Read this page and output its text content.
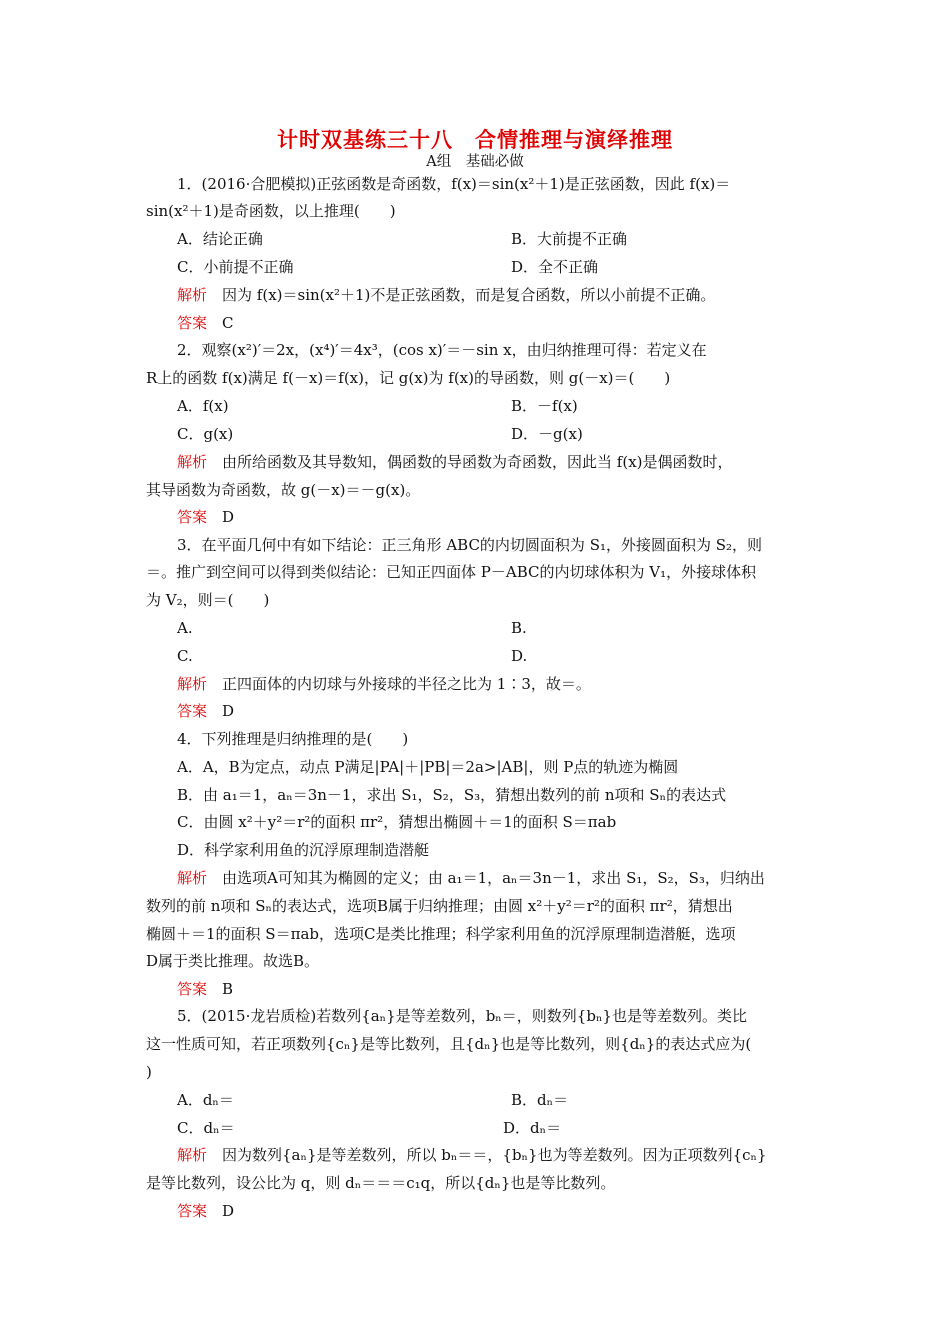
计时双基练三十八　合情推理与演绎推理
A组　基础必做
1．(2016·合肥模拟)正弦函数是奇函数，f(x)＝sin(x²＋1)是正弦函数，因此 f(x)＝
sin(x²＋1)是奇函数，以上推理(　　)
A．结论正确	B．大前提不正确
C．小前提不正确	D．全不正确
解析　因为 f(x)＝sin(x²＋1)不是正弦函数，而是复合函数，所以小前提不正确。
答案　C
2．观察(x²)′＝2x，(x⁴)′＝4x³，(cos x)′＝－sin x，由归纳推理可得：若定义在
R上的函数 f(x)满足 f(－x)＝f(x)，记 g(x)为 f(x)的导函数，则 g(－x)＝(　　)
A．f(x)	B．－f(x)
C．g(x)	D．－g(x)
解析　由所给函数及其导数知，偶函数的导函数为奇函数，因此当 f(x)是偶函数时，
其导函数为奇函数，故 g(－x)＝－g(x)。
答案　D
3．在平面几何中有如下结论：正三角形 ABC的内切圆面积为 S₁，外接圆面积为 S₂，则
＝。推广到空间可以得到类似结论：已知正四面体 P－ABC的内切球体积为 V₁，外接球体积
为 V₂，则＝(　　)
A.	B.
C.	D.
解析　正四面体的内切球与外接球的半径之比为 1∶3，故＝。
答案　D
4．下列推理是归纳推理的是(　　)
A．A，B为定点，动点 P满足|PA|＋|PB|＝2a>|AB|，则 P点的轨迹为椭圆
B．由 a₁＝1，aₙ＝3n－1，求出 S₁，S₂，S₃，猜想出数列的前 n项和 Sₙ的表达式
C．由圆 x²＋y²＝r²的面积 πr²，猜想出椭圆＋＝1的面积 S＝πab
D．科学家利用鱼的沉浮原理制造潜艇
解析　由选项A可知其为椭圆的定义；由 a₁＝1，aₙ＝3n－1，求出 S₁，S₂，S₃，归纳出
数列的前 n项和 Sₙ的表达式，选项B属于归纳推理；由圆 x²＋y²＝r²的面积 πr²，猜想出
椭圆＋＝1的面积 S＝πab，选项C是类比推理；科学家利用鱼的沉浮原理制造潜艇，选项
D属于类比推理。故选B。
答案　B
5．(2015·龙岩质检)若数列{aₙ}是等差数列，bₙ＝，则数列{bₙ}也是等差数列。类比
这一性质可知，若正项数列{cₙ}是等比数列，且{dₙ}也是等比数列，则{dₙ}的表达式应为(
)
A．dₙ＝	B．dₙ＝
C．dₙ＝	D．dₙ＝
解析　因为数列{aₙ}是等差数列，所以 bₙ＝＝，{bₙ}也为等差数列。因为正项数列{cₙ}
是等比数列，设公比为 q，则 dₙ＝＝＝c₁q，所以{dₙ}也是等比数列。
答案　D
